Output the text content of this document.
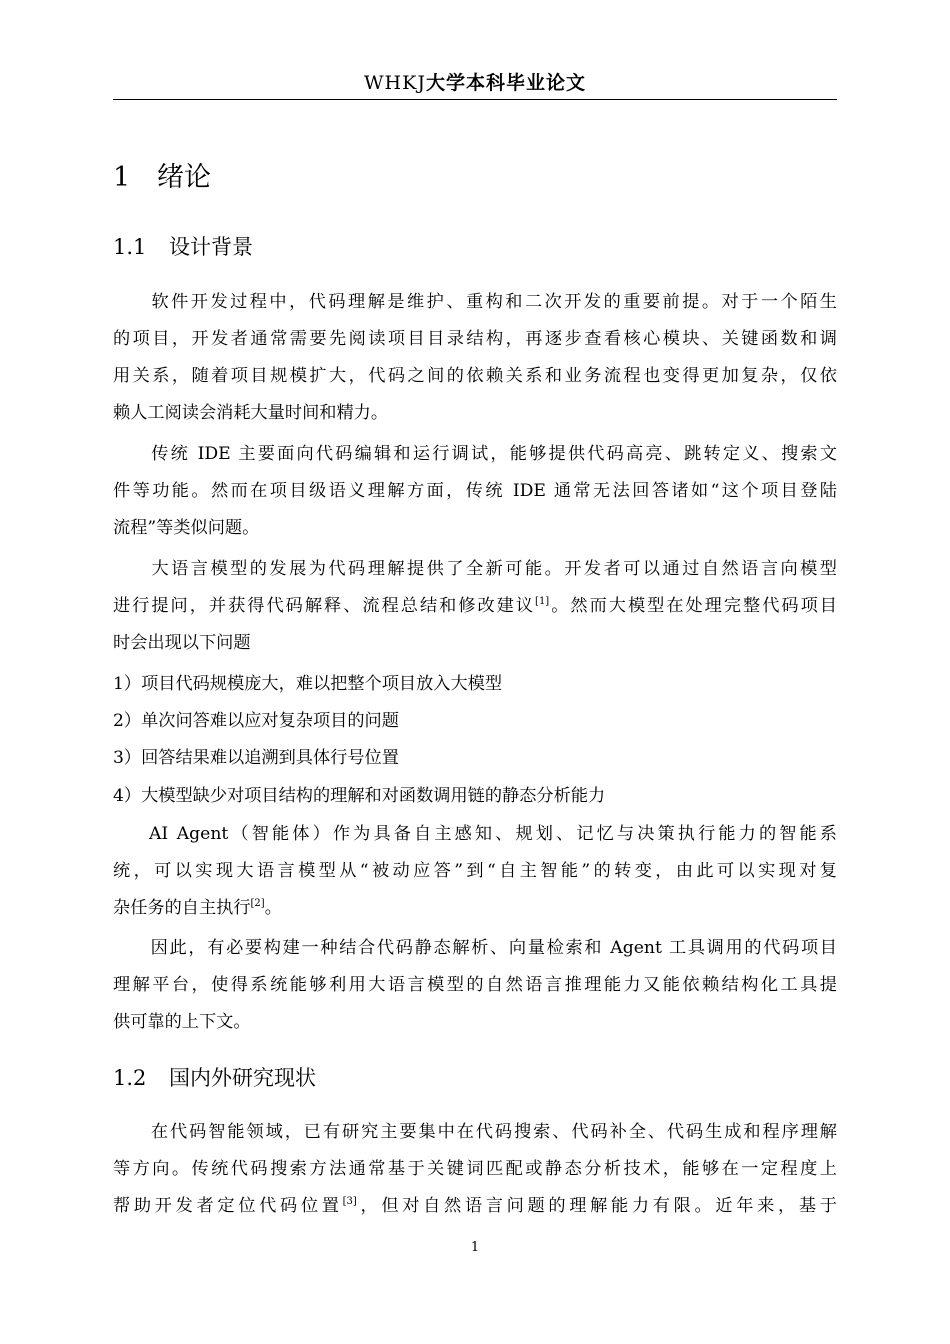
WHKJ大学本科毕业论文
1 绪论
1.1 设计背景
软件开发过程中，代码理解是维护、重构和二次开发的重要前提。对于一个陌生
的项目，开发者通常需要先阅读项目目录结构，再逐步查看核心模块、关键函数和调
用关系，随着项目规模扩大，代码之间的依赖关系和业务流程也变得更加复杂，仅依
赖人工阅读会消耗大量时间和精力。
传统 IDE 主要面向代码编辑和运行调试，能够提供代码高亮、跳转定义、搜索文
件等功能。然而在项目级语义理解方面，传统 IDE 通常无法回答诸如“这个项目登陆
流程”等类似问题。
大语言模型的发展为代码理解提供了全新可能。开发者可以通过自然语言向模型
进行提问，并获得代码解释、流程总结和修改建议[1]。然而大模型在处理完整代码项目
时会出现以下问题
1）项目代码规模庞大，难以把整个项目放入大模型
2）单次问答难以应对复杂项目的问题
3）回答结果难以追溯到具体行号位置
4）大模型缺少对项目结构的理解和对函数调用链的静态分析能力
AI Agent（智能体）作为具备自主感知、规划、记忆与决策执行能力的智能系
统，可以实现大语言模型从“被动应答”到“自主智能”的转变，由此可以实现对复
杂任务的自主执行[2]。
因此，有必要构建一种结合代码静态解析、向量检索和 Agent 工具调用的代码项目
理解平台，使得系统能够利用大语言模型的自然语言推理能力又能依赖结构化工具提
供可靠的上下文。
1.2 国内外研究现状
在代码智能领域，已有研究主要集中在代码搜索、代码补全、代码生成和程序理解
等方向。传统代码搜索方法通常基于关键词匹配或静态分析技术，能够在一定程度上
帮助开发者定位代码位置[3]，但对自然语言问题的理解能力有限。近年来，基于
1
